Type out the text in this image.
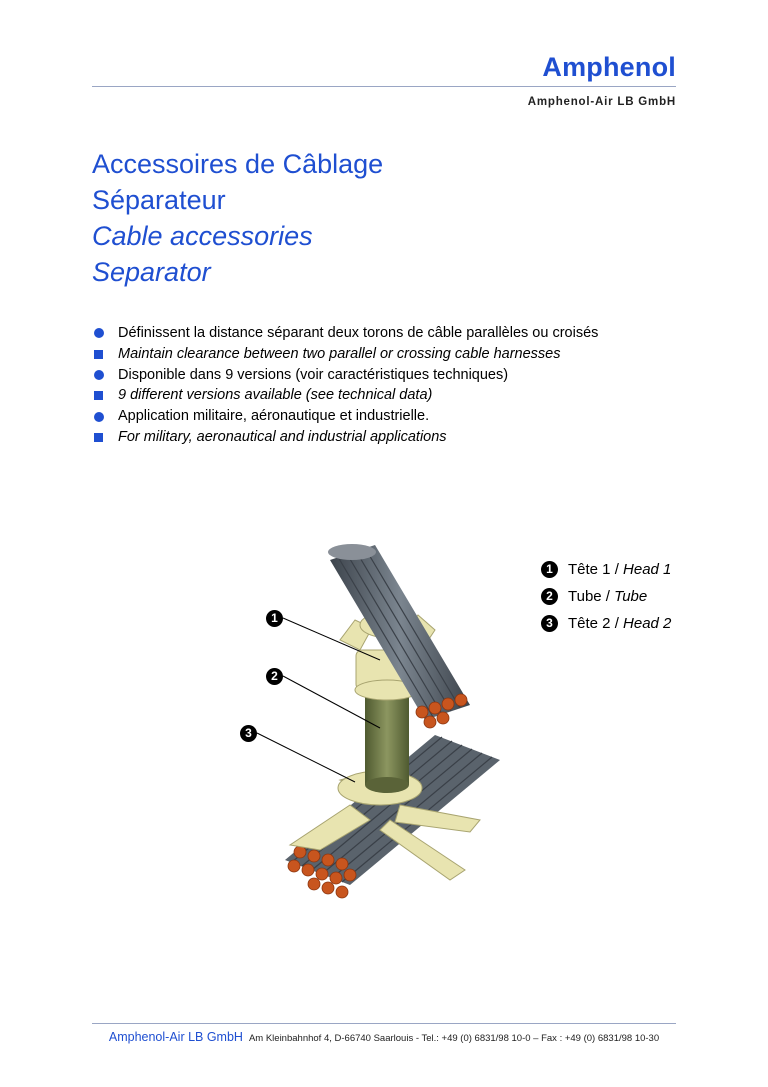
Amphenol
Amphenol-Air LB GmbH
Accessoires de Câblage
Séparateur
Cable accessories
Separator
Définissent la distance séparant deux torons de câble parallèles ou croisés
Maintain clearance between two parallel or crossing cable harnesses
Disponible dans 9 versions (voir caractéristiques techniques)
9 different versions available (see technical data)
Application militaire, aéronautique et industrielle.
For military, aeronautical and industrial applications
1
2
3
1	Tête 1 /
Head 1
2	Tube /
Tube
3	Tête 2 /
Head 2
Amphenol-Air LB GmbH Am Kleinbahnhof 4, D-66740 Saarlouis - Tel.: +49 (0) 6831/98 10-0 – Fax : +49 (0) 6831/98 10-30
